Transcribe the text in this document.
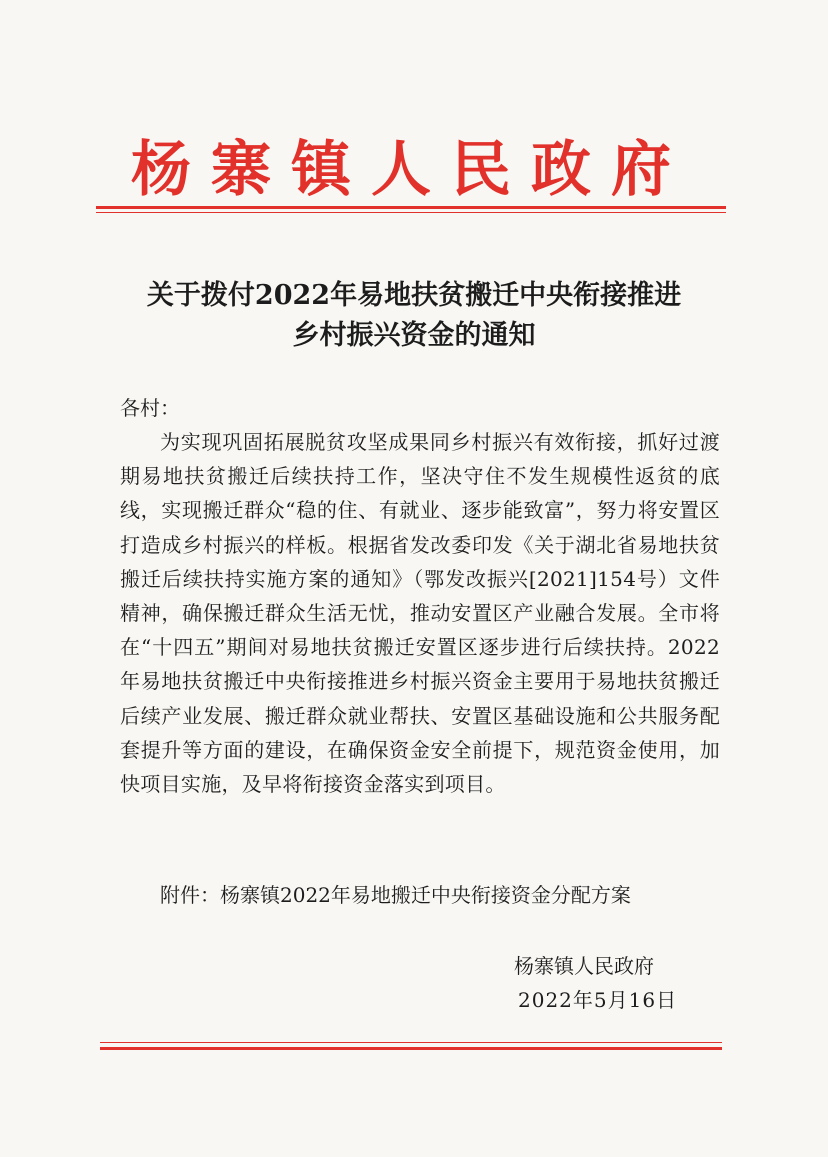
杨寨镇人民政府
关于拨付2022年易地扶贫搬迁中央衔接推进
乡村振兴资金的通知
各村：
为实现巩固拓展脱贫攻坚成果同乡村振兴有效衔接，抓好过渡期易地扶贫搬迁后续扶持工作，坚决守住不发生规模性返贫的底线，实现搬迁群众“稳的住、有就业、逐步能致富”，努力将安置区打造成乡村振兴的样板。根据省发改委印发《关于湖北省易地扶贫搬迁后续扶持实施方案的通知》（鄂发改振兴[2021]154号）文件精神，确保搬迁群众生活无忧，推动安置区产业融合发展。全市将在“十四五”期间对易地扶贫搬迁安置区逐步进行后续扶持。2022年易地扶贫搬迁中央衔接推进乡村振兴资金主要用于易地扶贫搬迁后续产业发展、搬迁群众就业帮扶、安置区基础设施和公共服务配套提升等方面的建设，在确保资金安全前提下，规范资金使用，加快项目实施，及早将衔接资金落实到项目。
附件：杨寨镇2022年易地搬迁中央衔接资金分配方案
杨寨镇人民政府
2022年5月16日
